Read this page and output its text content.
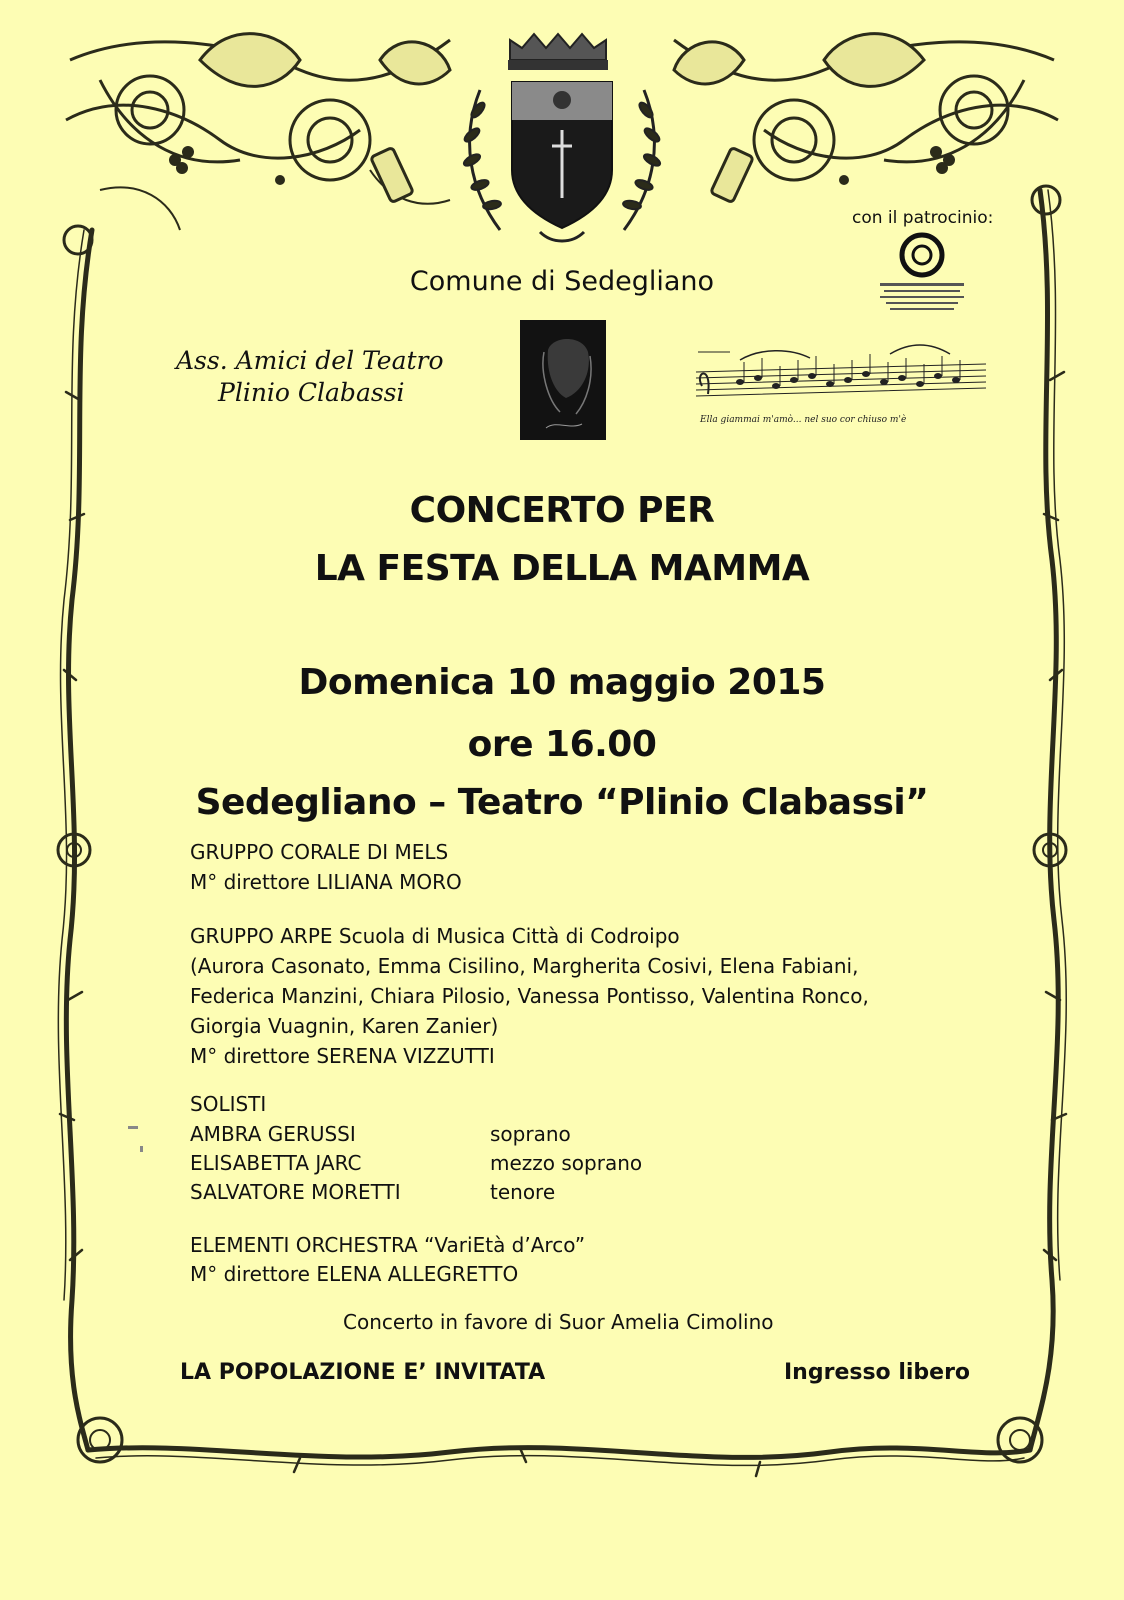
Ella giammai m'amò... nel suo cor chiuso m'è
con il patrocinio:
Comune di Sedegliano
Ass. Amici del Teatro
Plinio Clabassi
CONCERTO PER
LA FESTA DELLA MAMMA
Domenica 10 maggio 2015
ore 16.00
Sedegliano – Teatro “Plinio Clabassi”
GRUPPO CORALE DI MELS
M° direttore LILIANA MORO
GRUPPO ARPE Scuola di Musica Città di Codroipo
(Aurora Casonato, Emma Cisilino, Margherita Cosivi, Elena Fabiani,
Federica Manzini, Chiara Pilosio, Vanessa Pontisso, Valentina Ronco,
Giorgia Vuagnin, Karen Zanier)
M° direttore SERENA VIZZUTTI
SOLISTI
AMBRA GERUSSI	soprano
ELISABETTA JARC	mezzo soprano
SALVATORE MORETTI	tenore
ELEMENTI ORCHESTRA “VariEtà d’Arco”
M° direttore ELENA ALLEGRETTO
Concerto in favore di Suor Amelia Cimolino
LA POPOLAZIONE E’ INVITATA	Ingresso libero
